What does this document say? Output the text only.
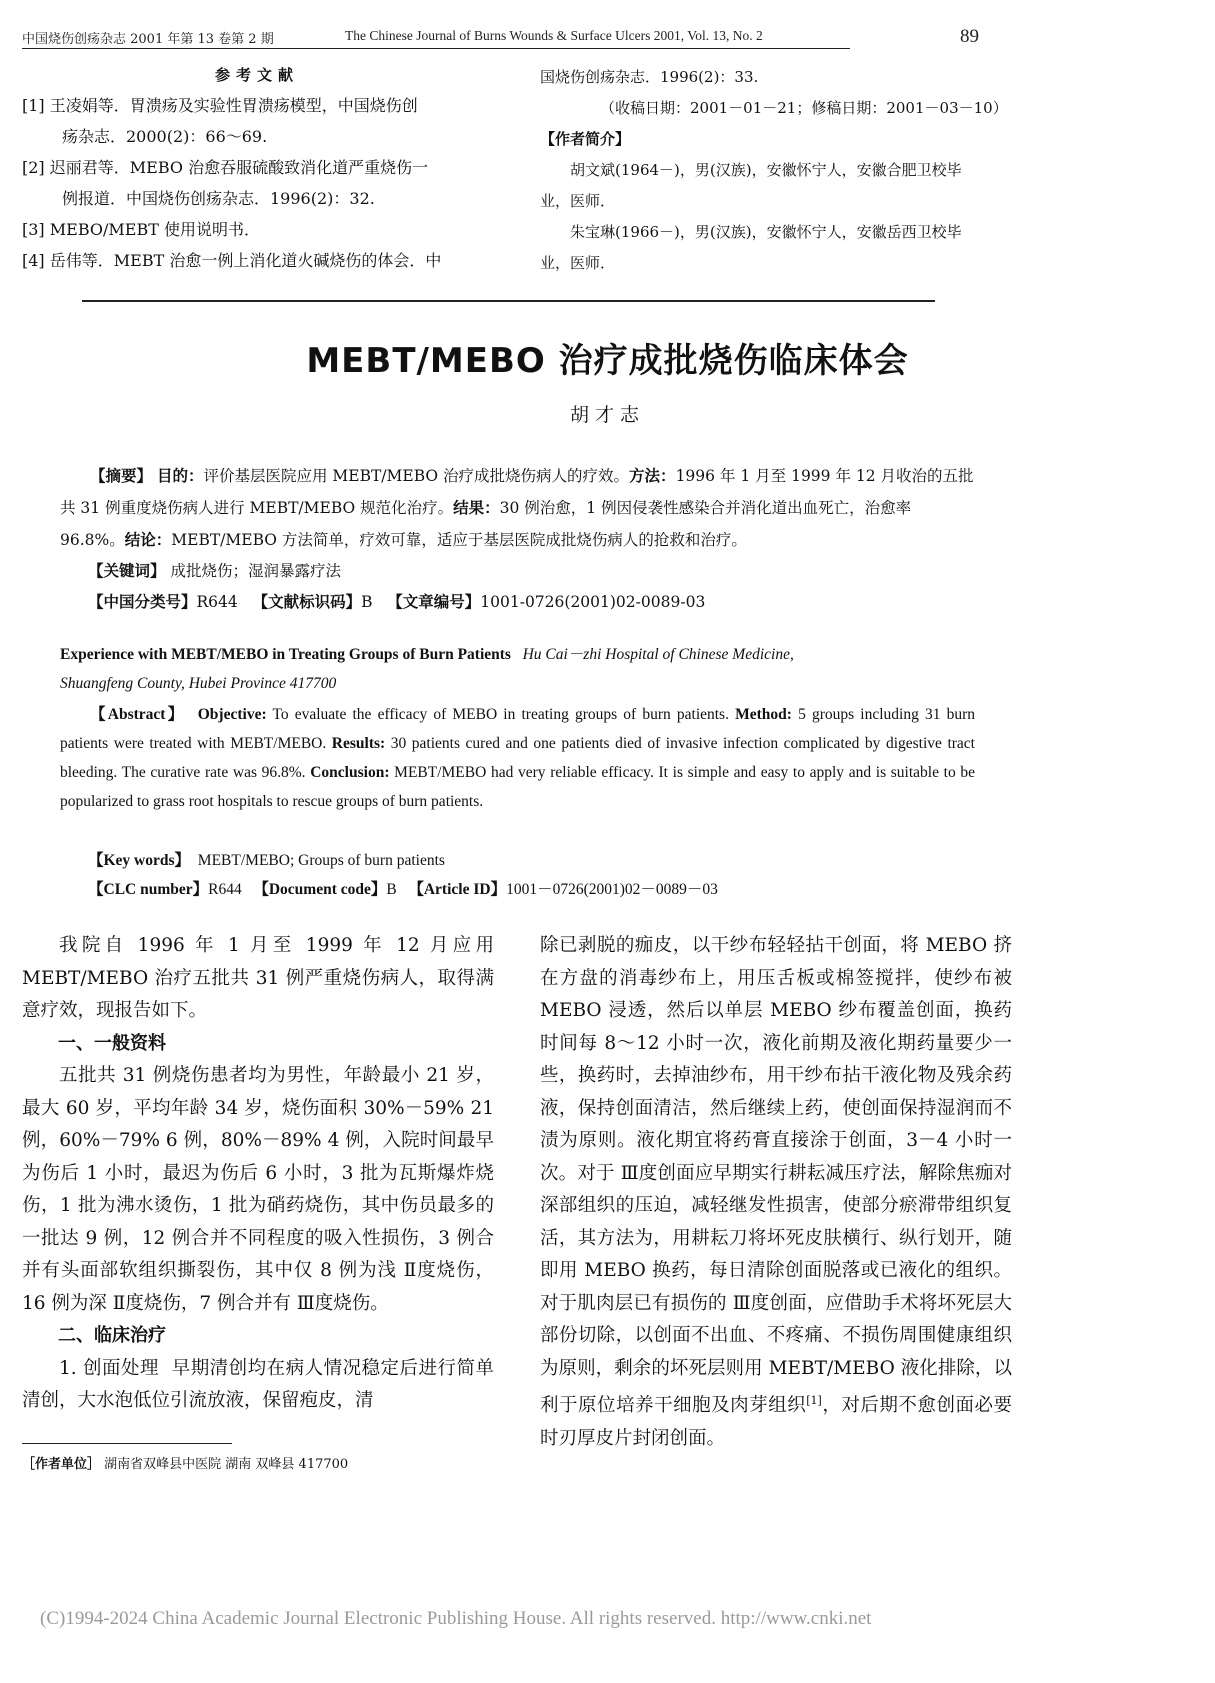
中国烧伤创疡杂志 2001 年第 13 卷第 2 期	The Chinese Journal of Burns Wounds & Surface Ulcers 2001, Vol. 13, No. 2	89
参考文献
[1] 王凌娟等．胃溃疡及实验性胃溃疡模型，中国烧伤创
疡杂志．2000(2)：66～69.
[2] 迟丽君等．MEBO 治愈吞服硫酸致消化道严重烧伤一
例报道．中国烧伤创疡杂志．1996(2)：32.
[3] MEBO/MEBT 使用说明书．
[4] 岳伟等．MEBT 治愈一例上消化道火碱烧伤的体会．中
国烧伤创疡杂志．1996(2)：33.
（收稿日期：2001－01－21；修稿日期：2001－03－10）
【作者简介】
胡文斌(1964－)，男(汉族)，安徽怀宁人，安徽合肥卫校毕
业，医师．
朱宝琳(1966－)，男(汉族)，安徽怀宁人，安徽岳西卫校毕
业，医师．
MEBT/MEBO 治疗成批烧伤临床体会
胡才志
【摘要】 目的：评价基层医院应用 MEBT/MEBO 治疗成批烧伤病人的疗效。方法：1996 年 1 月至 1999 年 12 月收治的五批共 31 例重度烧伤病人进行 MEBT/MEBO 规范化治疗。结果：30 例治愈，1 例因侵袭性感染合并消化道出血死亡，治愈率 96.8%。结论：MEBT/MEBO 方法简单，疗效可靠，适应于基层医院成批烧伤病人的抢救和治疗。
【关键词】 成批烧伤；湿润暴露疗法
【中国分类号】R644 【文献标识码】B 【文章编号】1001-0726(2001)02-0089-03
Experience with MEBT/MEBO in Treating Groups of Burn Patients Hu Cai－zhi Hospital of Chinese Medicine,
Shuangfeng County, Hubei Province 417700
【Abstract】 Objective: To evaluate the efficacy of MEBO in treating groups of burn patients. Method: 5 groups including 31 burn patients were treated with MEBT/MEBO. Results: 30 patients cured and one patients died of invasive infection complicated by digestive tract bleeding. The curative rate was 96.8%. Conclusion: MEBT/MEBO had very reliable efficacy. It is simple and easy to apply and is suitable to be popularized to grass root hospitals to rescue groups of burn patients.
【Key words】 MEBT/MEBO; Groups of burn patients
【CLC number】R644 【Document code】B 【Article ID】1001－0726(2001)02－0089－03

我院自 1996 年 1 月至 1999 年 12 月应用 MEBT/MEBO 治疗五批共 31 例严重烧伤病人，取得满意疗效，现报告如下。

一、一般资料

五批共 31 例烧伤患者均为男性，年龄最小 21 岁，最大 60 岁，平均年龄 34 岁，烧伤面积 30%－59% 21 例，60%－79% 6 例，80%－89% 4 例，入院时间最早为伤后 1 小时，最迟为伤后 6 小时，3 批为瓦斯爆炸烧伤，1 批为沸水烫伤，1 批为硝药烧伤，其中伤员最多的一批达 9 例，12 例合并不同程度的吸入性损伤，3 例合并有头面部软组织撕裂伤，其中仅 8 例为浅 Ⅱ度烧伤，16 例为深 Ⅱ度烧伤，7 例合并有 Ⅲ度烧伤。

二、临床治疗

1. 创面处理 早期清创均在病人情况稳定后进行简单清创，大水泡低位引流放液，保留疱皮，清

除已剥脱的痂皮，以干纱布轻轻拈干创面，将 MEBO 挤在方盘的消毒纱布上，用压舌板或棉签搅拌，使纱布被 MEBO 浸透，然后以单层 MEBO 纱布覆盖创面，换药时间每 8～12 小时一次，液化前期及液化期药量要少一些，换药时，去掉油纱布，用干纱布拈干液化物及残余药液，保持创面清洁，然后继续上药，使创面保持湿润而不渍为原则。液化期宜将药膏直接涂于创面，3－4 小时一次。对于 Ⅲ度创面应早期实行耕耘减压疗法，解除焦痂对深部组织的压迫，减轻继发性损害，使部分瘀滞带组织复活，其方法为，用耕耘刀将坏死皮肤横行、纵行划开，随即用 MEBO 换药，每日清除创面脱落或已液化的组织。对于肌肉层已有损伤的 Ⅲ度创面，应借助手术将坏死层大部份切除，以创面不出血、不疼痛、不损伤周围健康组织为原则，剩余的坏死层则用 MEBT/MEBO 液化排除，以利于原位培养干细胞及肉芽组织[1]，对后期不愈创面必要时刃厚皮片封闭创面。

［作者单位］ 湖南省双峰县中医院 湖南 双峰县 417700
(C)1994-2024 China Academic Journal Electronic Publishing House. All rights reserved. http://www.cnki.net
